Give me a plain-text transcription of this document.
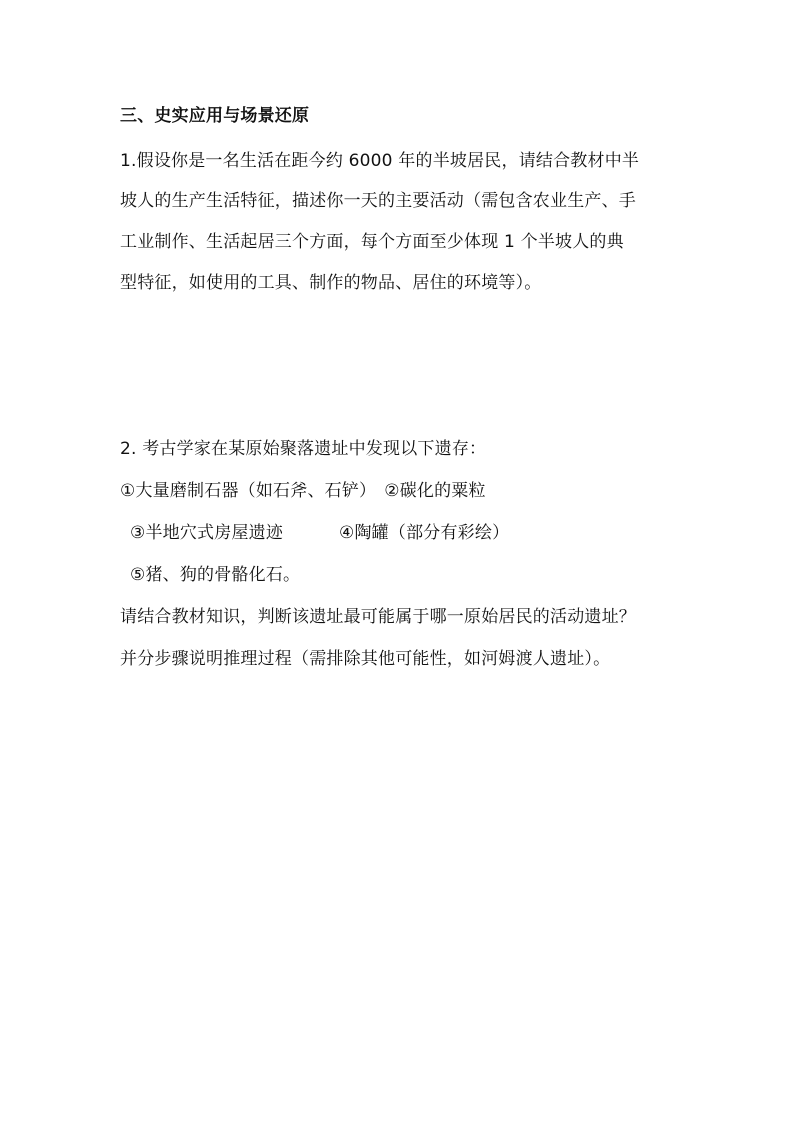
三、史实应用与场景还原
1.假设你是一名生活在距今约 6000 年的半坡居民，请结合教材中半
坡人的生产生活特征，描述你一天的主要活动（需包含农业生产、手
工业制作、生活起居三个方面，每个方面至少体现 1 个半坡人的典
型特征，如使用的工具、制作的物品、居住的环境等）。
2. 考古学家在某原始聚落遗址中发现以下遗存：
①大量磨制石器（如石斧、石铲） ②碳化的粟粒
③半地穴式房屋遗迹	④陶罐（部分有彩绘）
⑤猪、狗的骨骼化石。
请结合教材知识，判断该遗址最可能属于哪一原始居民的活动遗址？
并分步骤说明推理过程（需排除其他可能性，如河姆渡人遗址）。
